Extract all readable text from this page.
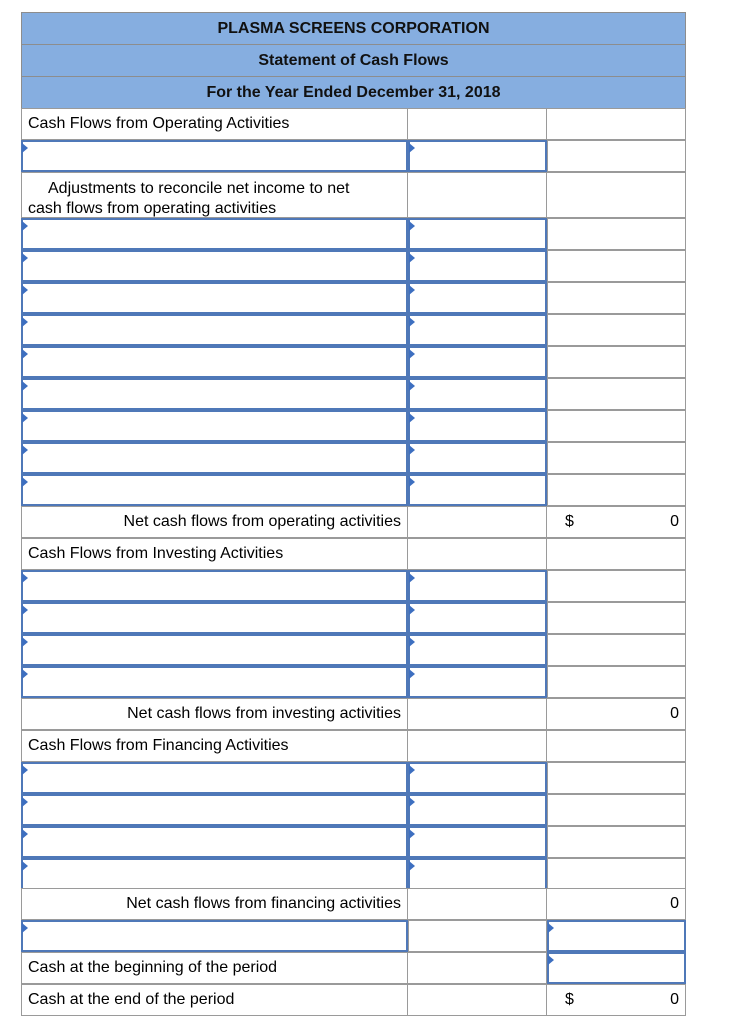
PLASMA SCREENS CORPORATION
Statement of Cash Flows
For the Year Ended December 31, 2018
Cash Flows from Operating Activities
Adjustments to reconcile net income to net
cash flows from operating activities
Net cash flows from operating activities	$	0
Cash Flows from Investing Activities
Net cash flows from investing activities	0
Cash Flows from Financing Activities
Net cash flows from financing activities	0
Cash at the beginning of the period
Cash at the end of the period	$	0
